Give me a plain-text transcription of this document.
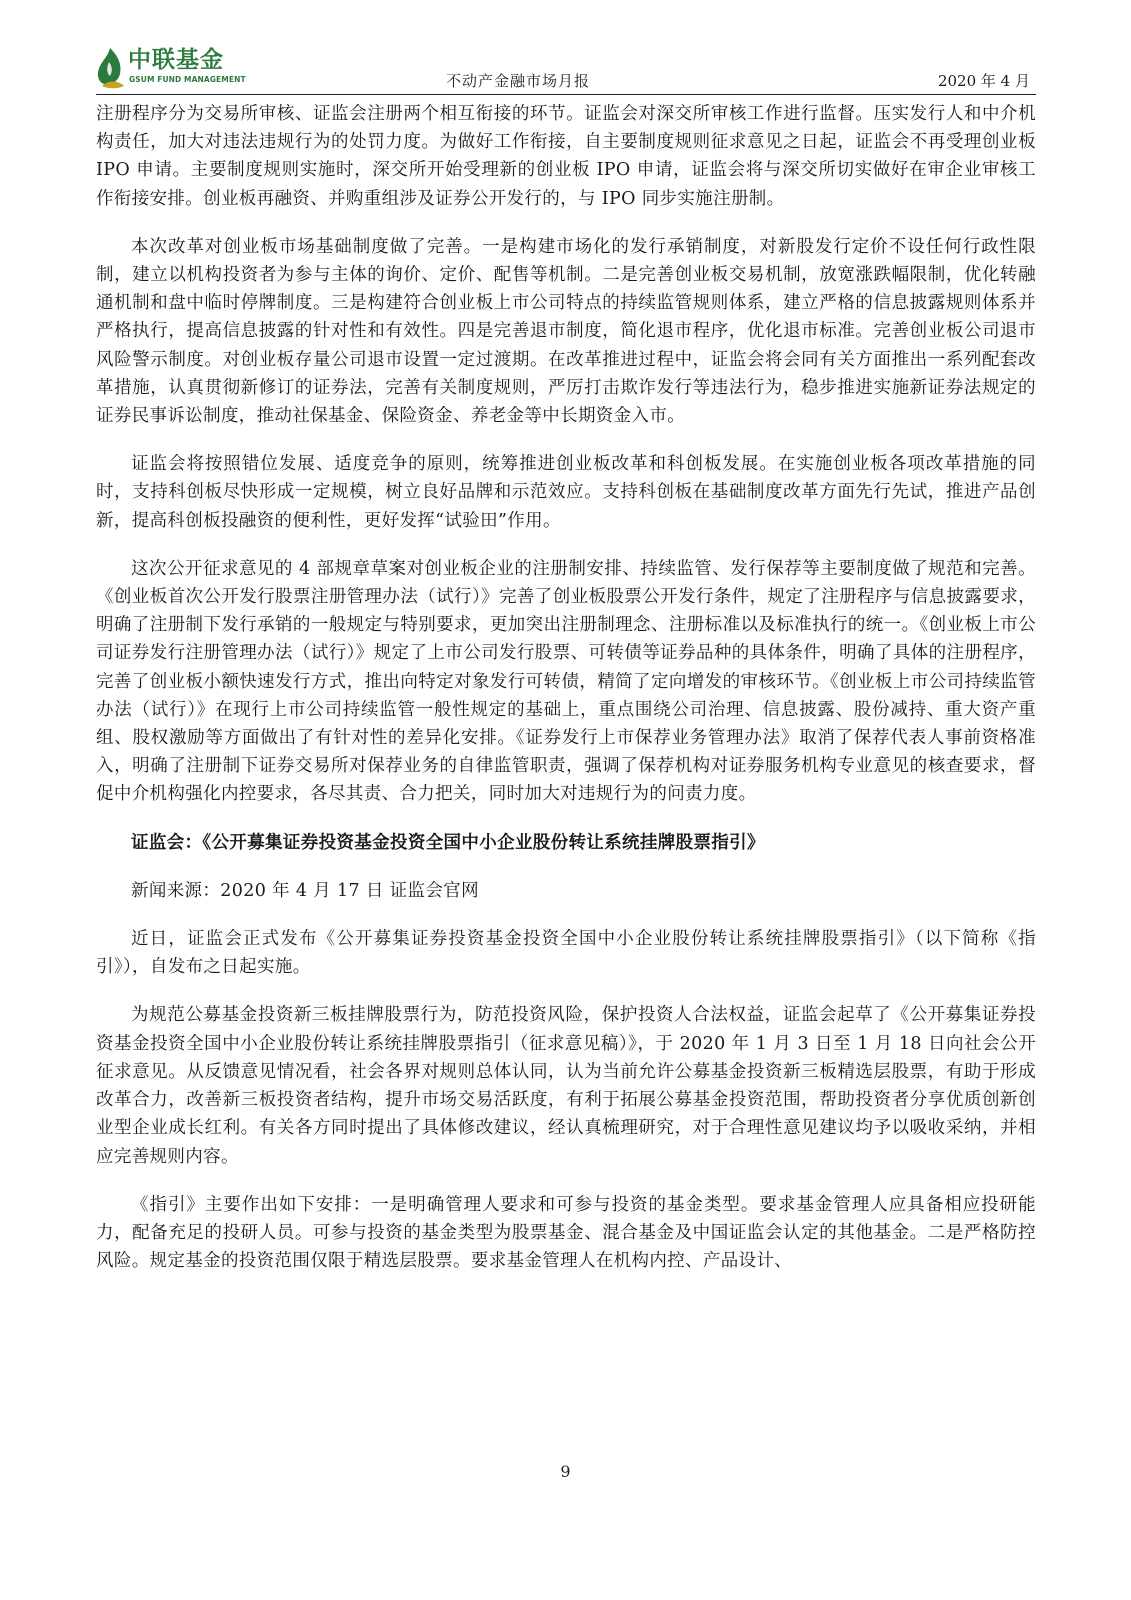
中联基金
GSUM FUND MANAGEMENT	不动产金融市场月报	2020 年 4 月

注册程序分为交易所审核、证监会注册两个相互衔接的环节。证监会对深交所审核工作进行监督。压实发行人和中介机构责任，加大对违法违规行为的处罚力度。为做好工作衔接，自主要制度规则征求意见之日起，证监会不再受理创业板 IPO 申请。主要制度规则实施时，深交所开始受理新的创业板 IPO 申请，证监会将与深交所切实做好在审企业审核工作衔接安排。创业板再融资、并购重组涉及证券公开发行的，与 IPO 同步实施注册制。

本次改革对创业板市场基础制度做了完善。一是构建市场化的发行承销制度，对新股发行定价不设任何行政性限制，建立以机构投资者为参与主体的询价、定价、配售等机制。二是完善创业板交易机制，放宽涨跌幅限制，优化转融通机制和盘中临时停牌制度。三是构建符合创业板上市公司特点的持续监管规则体系，建立严格的信息披露规则体系并严格执行，提高信息披露的针对性和有效性。四是完善退市制度，简化退市程序，优化退市标准。完善创业板公司退市风险警示制度。对创业板存量公司退市设置一定过渡期。在改革推进过程中，证监会将会同有关方面推出一系列配套改革措施，认真贯彻新修订的证券法，完善有关制度规则，严厉打击欺诈发行等违法行为，稳步推进实施新证券法规定的证券民事诉讼制度，推动社保基金、保险资金、养老金等中长期资金入市。

证监会将按照错位发展、适度竞争的原则，统筹推进创业板改革和科创板发展。在实施创业板各项改革措施的同时，支持科创板尽快形成一定规模，树立良好品牌和示范效应。支持科创板在基础制度改革方面先行先试，推进产品创新，提高科创板投融资的便利性，更好发挥“试验田”作用。

这次公开征求意见的 4 部规章草案对创业板企业的注册制安排、持续监管、发行保荐等主要制度做了规范和完善。《创业板首次公开发行股票注册管理办法（试行）》完善了创业板股票公开发行条件，规定了注册程序与信息披露要求，明确了注册制下发行承销的一般规定与特别要求，更加突出注册制理念、注册标准以及标准执行的统一。《创业板上市公司证券发行注册管理办法（试行）》规定了上市公司发行股票、可转债等证券品种的具体条件，明确了具体的注册程序，完善了创业板小额快速发行方式，推出向特定对象发行可转债，精简了定向增发的审核环节。《创业板上市公司持续监管办法（试行）》在现行上市公司持续监管一般性规定的基础上，重点围绕公司治理、信息披露、股份减持、重大资产重组、股权激励等方面做出了有针对性的差异化安排。《证券发行上市保荐业务管理办法》取消了保荐代表人事前资格准入，明确了注册制下证券交易所对保荐业务的自律监管职责，强调了保荐机构对证券服务机构专业意见的核查要求，督促中介机构强化内控要求，各尽其责、合力把关，同时加大对违规行为的问责力度。

证监会：《公开募集证券投资基金投资全国中小企业股份转让系统挂牌股票指引》

新闻来源：2020 年 4 月 17 日 证监会官网

近日，证监会正式发布《公开募集证券投资基金投资全国中小企业股份转让系统挂牌股票指引》（以下简称《指引》），自发布之日起实施。

为规范公募基金投资新三板挂牌股票行为，防范投资风险，保护投资人合法权益，证监会起草了《公开募集证券投资基金投资全国中小企业股份转让系统挂牌股票指引（征求意见稿）》，于 2020 年 1 月 3 日至 1 月 18 日向社会公开征求意见。从反馈意见情况看，社会各界对规则总体认同，认为当前允许公募基金投资新三板精选层股票，有助于形成改革合力，改善新三板投资者结构，提升市场交易活跃度，有利于拓展公募基金投资范围，帮助投资者分享优质创新创业型企业成长红利。有关各方同时提出了具体修改建议，经认真梳理研究，对于合理性意见建议均予以吸收采纳，并相应完善规则内容。

《指引》主要作出如下安排：一是明确管理人要求和可参与投资的基金类型。要求基金管理人应具备相应投研能力，配备充足的投研人员。可参与投资的基金类型为股票基金、混合基金及中国证监会认定的其他基金。二是严格防控风险。规定基金的投资范围仅限于精选层股票。要求基金管理人在机构内控、产品设计、

9
